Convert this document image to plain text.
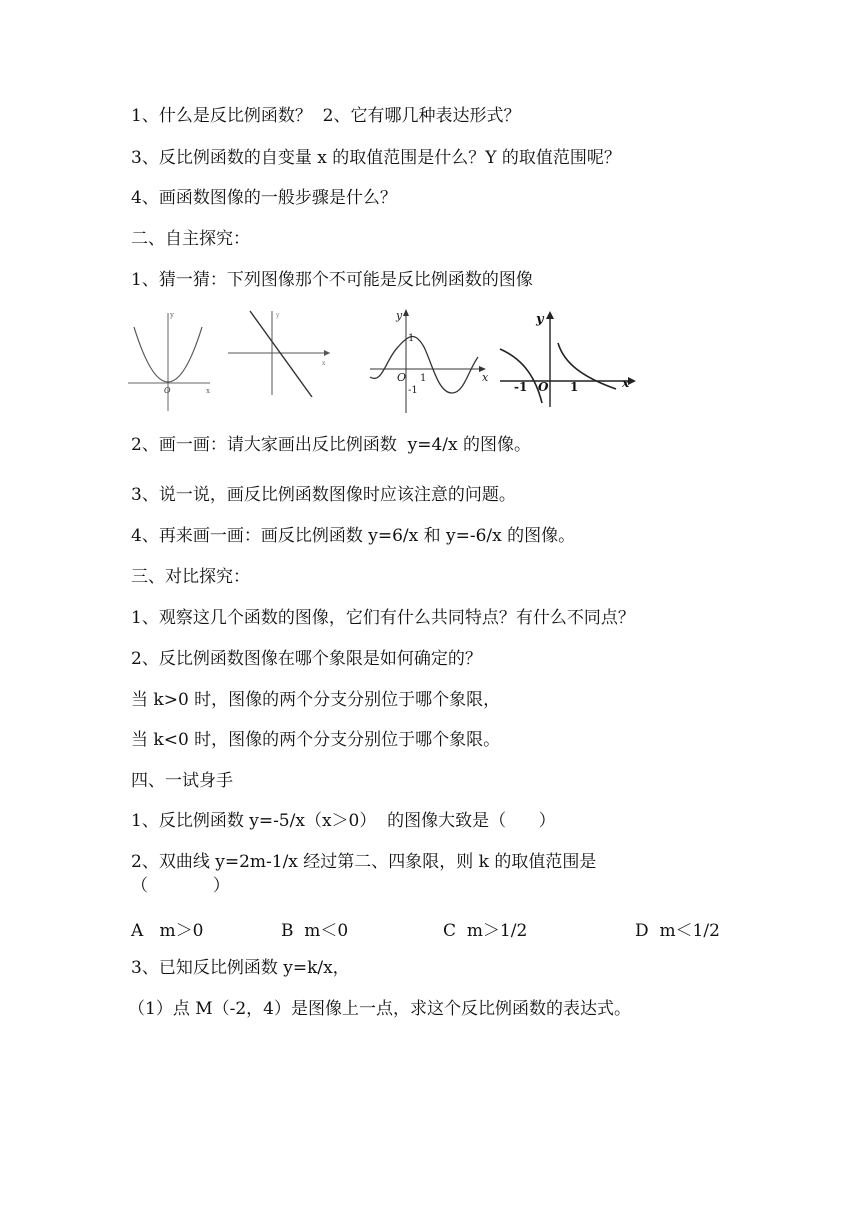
1、什么是反比例函数？  2、它有哪几种表达形式？

3、反比例函数的自变量 x 的取值范围是什么？Y 的取值范围呢？

4、画函数图像的一般步骤是什么？

二、自主探究：

1、猜一猜：下列图像那个不可能是反比例函数的图像

y
x
O
y
x
y
x
O
1
1
-1
y
x
O
-1	1

2、画一画：请大家画出反比例函数  y=4/x 的图像。

3、说一说，画反比例函数图像时应该注意的问题。

4、再来画一画：画反比例函数 y=6/x 和 y=-6/x 的图像。

三、对比探究：

1、观察这几个函数的图像，它们有什么共同特点？有什么不同点？

2、反比例函数图像在哪个象限是如何确定的？

当 k>0 时，图像的两个分支分别位于哪个象限，

当 k<0 时，图像的两个分支分别位于哪个象限。

四、一试身手

1、反比例函数 y=-5/x（x＞0）  的图像大致是（      ）

2、双曲线 y=2m-1/x 经过第二、四象限，则 k 的取值范围是

（            ）

A   m＞0	B  m＜0	C  m＞1/2	D  m＜1/2

3、已知反比例函数 y=k/x，

（1）点 M（-2，4）是图像上一点，求这个反比例函数的表达式。
